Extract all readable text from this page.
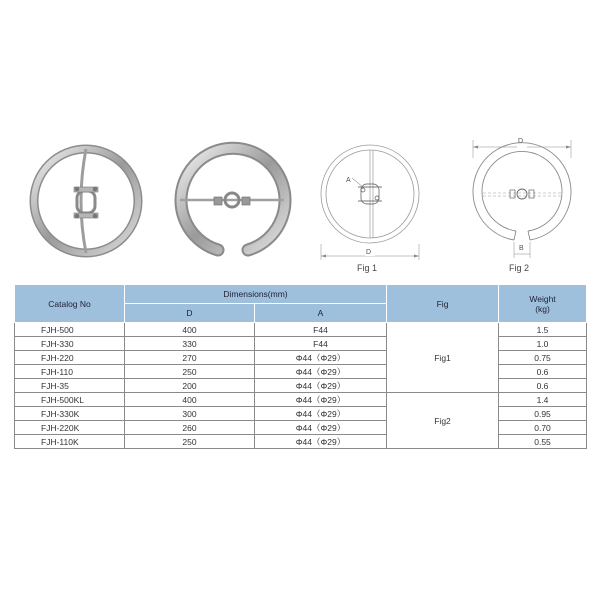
A
D
Fig 1
D
B
Fig 2
Catalog No	Dimensions(mm)		Fig	Weight
(kg)

	D	A		
FJH-500	400	F44	Fig1	1.5
FJH-330	330	F44		1.0
FJH-220	270	Φ44（Φ29）		0.75
FJH-110	250	Φ44（Φ29）		0.6
FJH-35	200	Φ44（Φ29）		0.6
FJH-500KL	400	Φ44（Φ29）	Fig2	1.4
FJH-330K	300	Φ44（Φ29）		0.95
FJH-220K	260	Φ44（Φ29）		0.70
FJH-110K	250	Φ44（Φ29）		0.55
